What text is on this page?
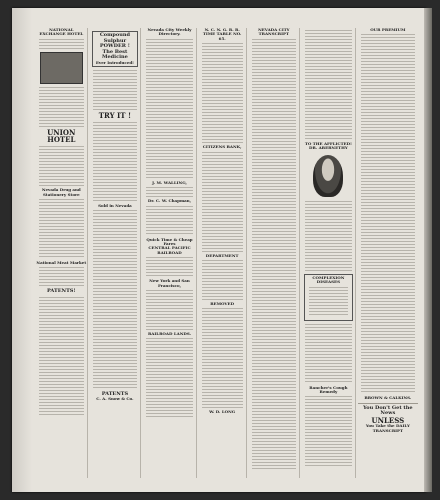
NATIONAL EXCHANGE HOTEL
UNION HOTEL
Nevada Drug and Stationery Store
National Meat Market
PATENTS!
Compound Sulphur
POWDER !
The Best Medicine
Ever Introduced!
TRY IT !
Sold in Nevada
PATENTS
C. A. Snow & Co.
Nevada City Weekly Directory.
J. M. WALLING,
Dr. C. W. Chapman,
Quick Time & Cheap Fares
CENTRAL PACIFIC RAILROAD
New York and San Francisco,
RAILROAD LANDS.
N. C. N. G. R. R.
TIME TABLE NO. 65.
CITIZENS BANK,
DEPARTMENT
REMOVED
W. D. LONG
NEVADA CITY TRANSCRIPT
TO THE AFFLICTED!
DR. ABERNETHY
COMPLEXION DISEASES
Rancher's Cough Remedy
OUR PREMIUM
BROWN & CALKINS.
You Don't Get the News
UNLESS
You Take the DAILY TRANSCRIPT
